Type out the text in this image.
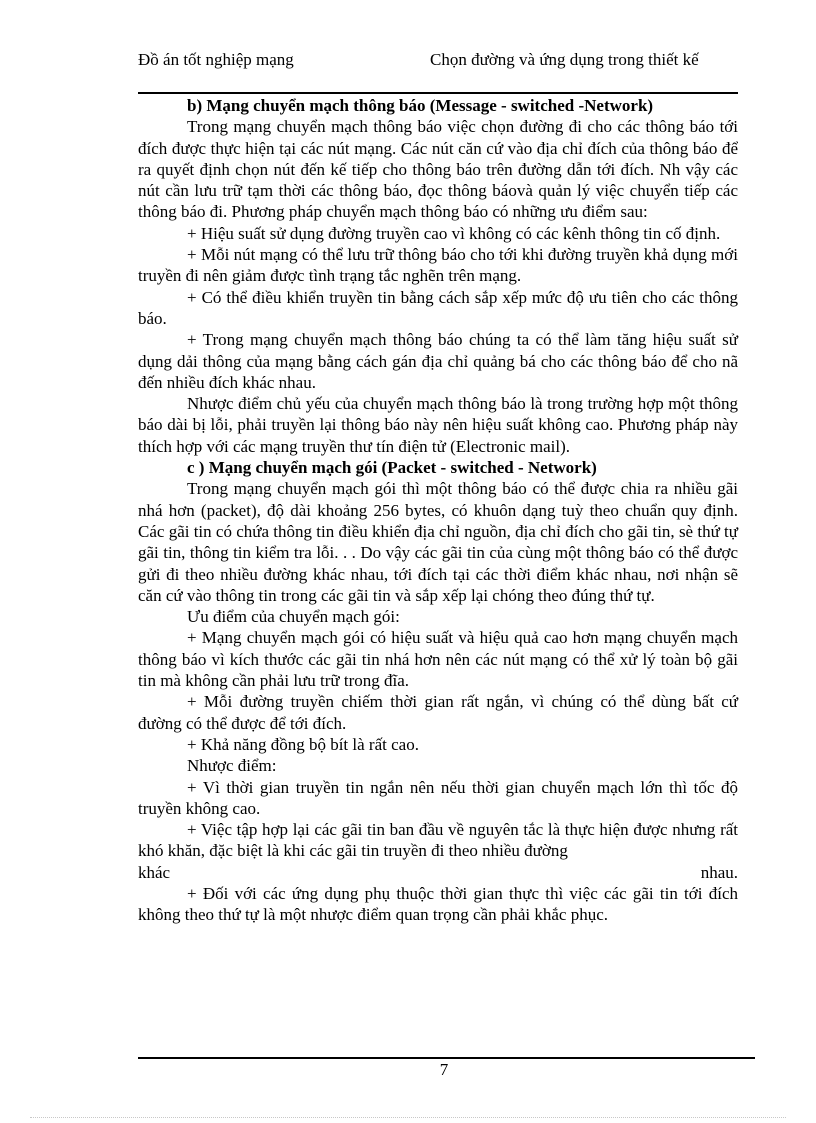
Đồ án tốt nghiệp mạng	Chọn đường và ứng dụng trong thiết kế

b) Mạng chuyển mạch thông báo (Message - switched -Network)

Trong mạng chuyển mạch thông báo việc chọn đường đi cho các thông báo tới đích được thực hiện tại các nút mạng. Các nút căn cứ vào địa chỉ đích của thông báo để ra quyết định chọn nút đến kế tiếp cho thông báo trên đường dẫn tới đích. Nh vậy các nút cần lưu trữ tạm thời các thông báo, đọc thông báovà quản lý việc chuyển tiếp các thông báo đi. Phương pháp chuyển mạch thông báo có những ưu điểm sau:

+ Hiệu suất sử dụng đường truyền cao vì không có các kênh thông tin cố định.

+ Mỗi nút mạng có thể lưu trữ thông báo cho tới khi đường truyền khả dụng mới truyền đi nên giảm được tình trạng tắc nghẽn trên mạng.

+ Có thể điều khiển truyền tin bằng cách sắp xếp mức độ ưu tiên cho các thông báo.

+ Trong mạng chuyển mạch thông báo chúng ta có thể làm tăng hiệu suất sử dụng dải thông của mạng bằng cách gán địa chỉ quảng bá cho các thông báo để cho nã đến nhiều đích khác nhau.

Nhược điểm chủ yếu của chuyển mạch thông báo là trong trường hợp một thông báo dài bị lỗi, phải truyền lại thông báo này nên hiệu suất không cao. Phương pháp này thích hợp với các mạng truyền thư tín điện tử (Electronic mail).

c ) Mạng chuyển mạch gói (Packet - switched - Network)

Trong mạng chuyển mạch gói thì một thông báo có thể được chia ra nhiều gãi nhá hơn (packet), độ dài khoảng 256 bytes, có khuôn dạng tuỳ theo chuẩn quy định. Các gãi tin có chứa thông tin điều khiển địa chỉ nguồn, địa chỉ đích cho gãi tin, sè thứ tự gãi tin, thông tin kiểm tra lỗi. . . Do vậy các gãi tin của cùng một thông báo có thể được gửi đi theo nhiều đường khác nhau, tới đích tại các thời điểm khác nhau, nơi nhận sẽ căn cứ vào thông tin trong các gãi tin và sắp xếp lại chóng theo đúng thứ tự.

Ưu điểm của chuyển mạch gói:

+ Mạng chuyển mạch gói có hiệu suất và hiệu quả cao hơn mạng chuyển mạch thông báo vì kích thước các gãi tin nhá hơn nên các nút mạng có thể xử lý toàn bộ gãi tin mà không cần phải lưu trữ trong đĩa.

+ Mỗi đường truyền chiếm thời gian rất ngắn, vì chúng có thể dùng bất cứ đường có thể được để tới đích.

+ Khả năng đồng bộ bít là rất cao.

Nhược điểm:

+ Vì thời gian truyền tin ngắn nên nếu thời gian chuyển mạch lớn thì tốc độ truyền không cao.

+ Việc tập hợp lại các gãi tin ban đầu về nguyên tắc là thực hiện được nhưng rất khó khăn, đặc biệt là khi các gãi tin truyền đi theo nhiều đường

khác	nhau.

+ Đối với các ứng dụng phụ thuộc thời gian thực thì việc các gãi tin tới đích không theo thứ tự là một nhược điểm quan trọng cần phải khắc phục.

7
